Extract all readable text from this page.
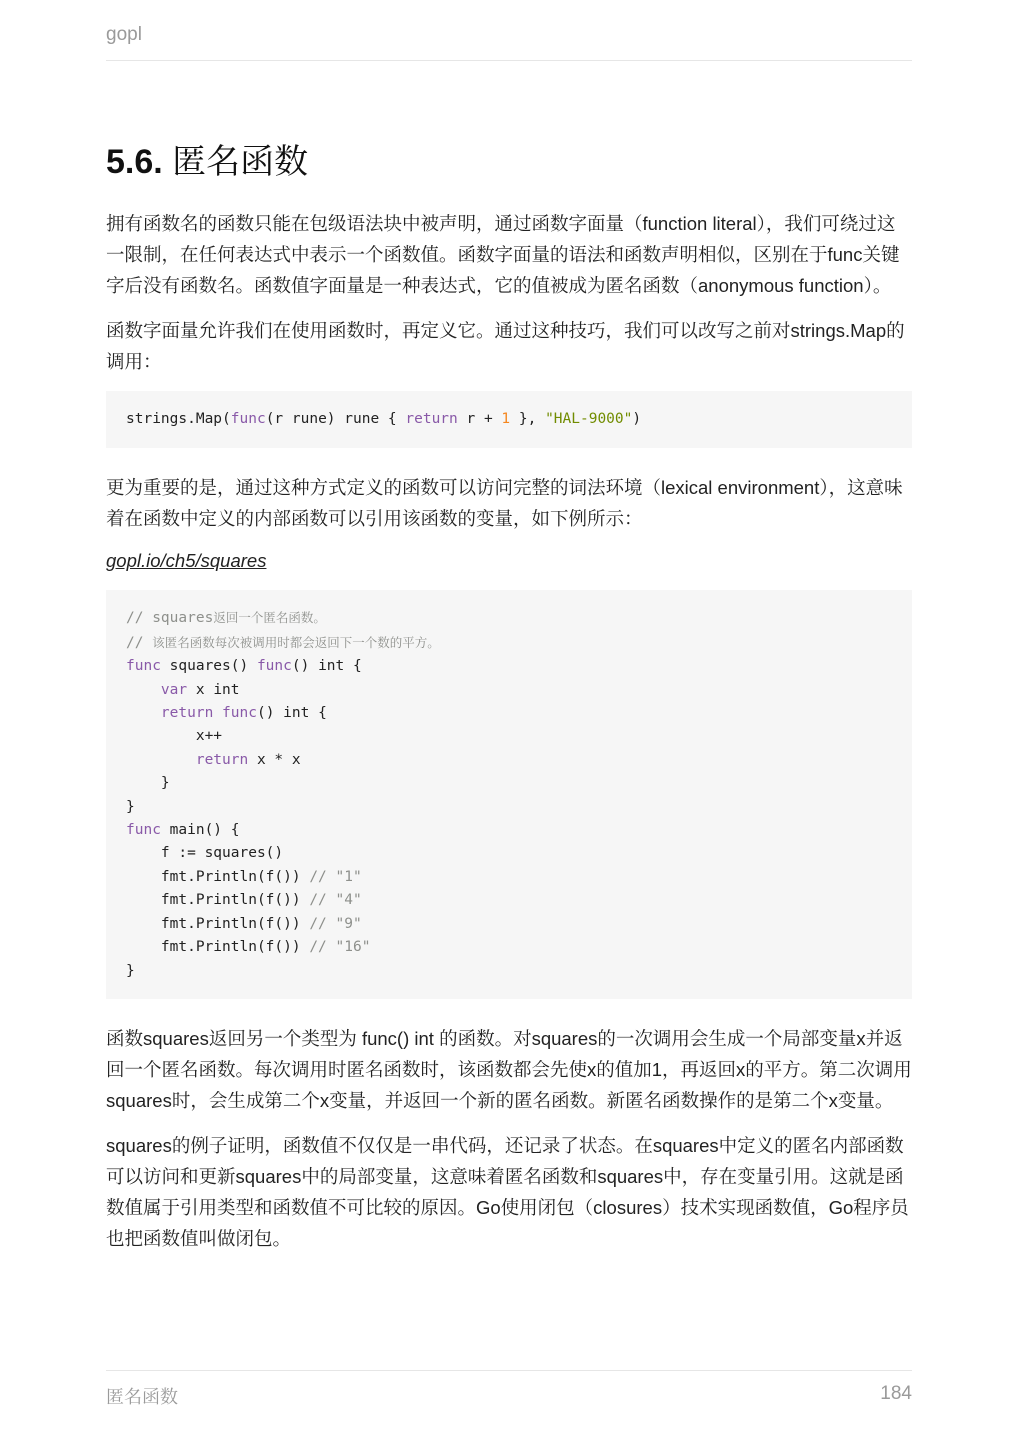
gopl
5.6. 匿名函数

拥有函数名的函数只能在包级语法块中被声明，通过函数字面量（function literal），我们可绕过这一限制，在任何表达式中表示一个函数值。函数字面量的语法和函数声明相似，区别在于func关键字后没有函数名。函数值字面量是一种表达式，它的值被成为匿名函数（anonymous function）。

函数字面量允许我们在使用函数时，再定义它。通过这种技巧，我们可以改写之前对strings.Map的调用：

strings.Map(func(r rune) rune { return r + 1 }, "HAL-9000")

更为重要的是，通过这种方式定义的函数可以访问完整的词法环境（lexical environment），这意味着在函数中定义的内部函数可以引用该函数的变量，如下例所示：

gopl.io/ch5/squares
// squares返回一个匿名函数。
// 该匿名函数每次被调用时都会返回下一个数的平方。
func squares() func() int {
var x int
return func() int {
x++
return x * x
}
}
func main() {
f := squares()
fmt.Println(f()) // "1"
fmt.Println(f()) // "4"
fmt.Println(f()) // "9"
fmt.Println(f()) // "16"
}

函数squares返回另一个类型为 func() int 的函数。对squares的一次调用会生成一个局部变量x并返回一个匿名函数。每次调用时匿名函数时，该函数都会先使x的值加1，再返回x的平方。第二次调用squares时，会生成第二个x变量，并返回一个新的匿名函数。新匿名函数操作的是第二个x变量。

squares的例子证明，函数值不仅仅是一串代码，还记录了状态。在squares中定义的匿名内部函数可以访问和更新squares中的局部变量，这意味着匿名函数和squares中，存在变量引用。这就是函数值属于引用类型和函数值不可比较的原因。Go使用闭包（closures）技术实现函数值，Go程序员也把函数值叫做闭包。

匿名函数	184
